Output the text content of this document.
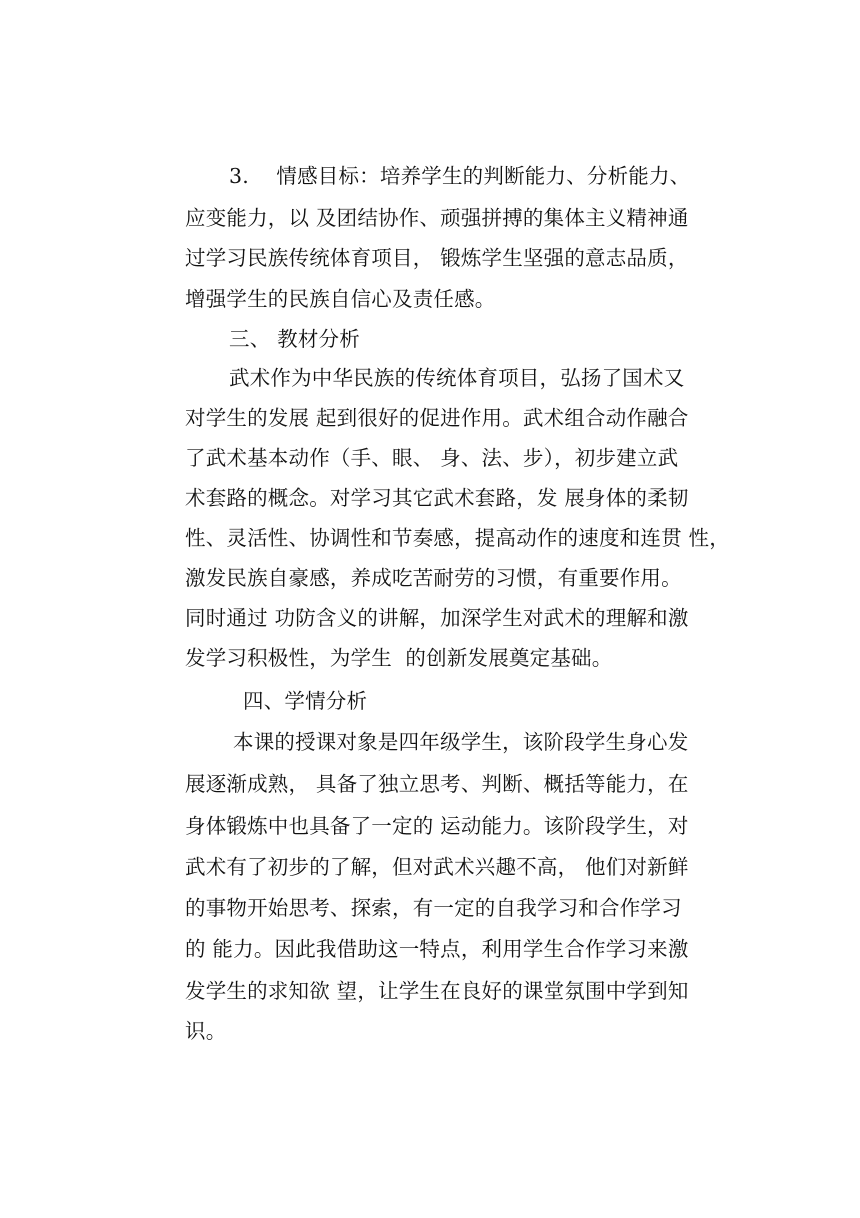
3.　 情感目标：培养学生的判断能力、分析能力、
应变能力，以 及团结协作、顽强拼搏的集体主义精神通
过学习民族传统体育项目， 锻炼学生坚强的意志品质，
增强学生的民族自信心及责任感。
三、 教材分析
武术作为中华民族的传统体育项目，弘扬了国术又
对学生的发展 起到很好的促进作用。武术组合动作融合
了武术基本动作（手、眼、 身、法、步），初步建立武
术套路的概念。对学习其它武术套路，发 展身体的柔韧
性、灵活性、协调性和节奏感，提高动作的速度和连贯 性，
激发民族自豪感，养成吃苦耐劳的习惯，有重要作用。
同时通过 功防含义的讲解，加深学生对武术的理解和激
发学习积极性，为学生  的创新发展奠定基础。
四、学情分析
本课的授课对象是四年级学生，该阶段学生身心发
展逐渐成熟， 具备了独立思考、判断、概括等能力，在
身体锻炼中也具备了一定的 运动能力。该阶段学生，对
武术有了初步的了解，但对武术兴趣不高， 他们对新鲜
的事物开始思考、探索，有一定的自我学习和合作学习
的 能力。因此我借助这一特点，利用学生合作学习来激
发学生的求知欲 望，让学生在良好的课堂氛围中学到知
识。
